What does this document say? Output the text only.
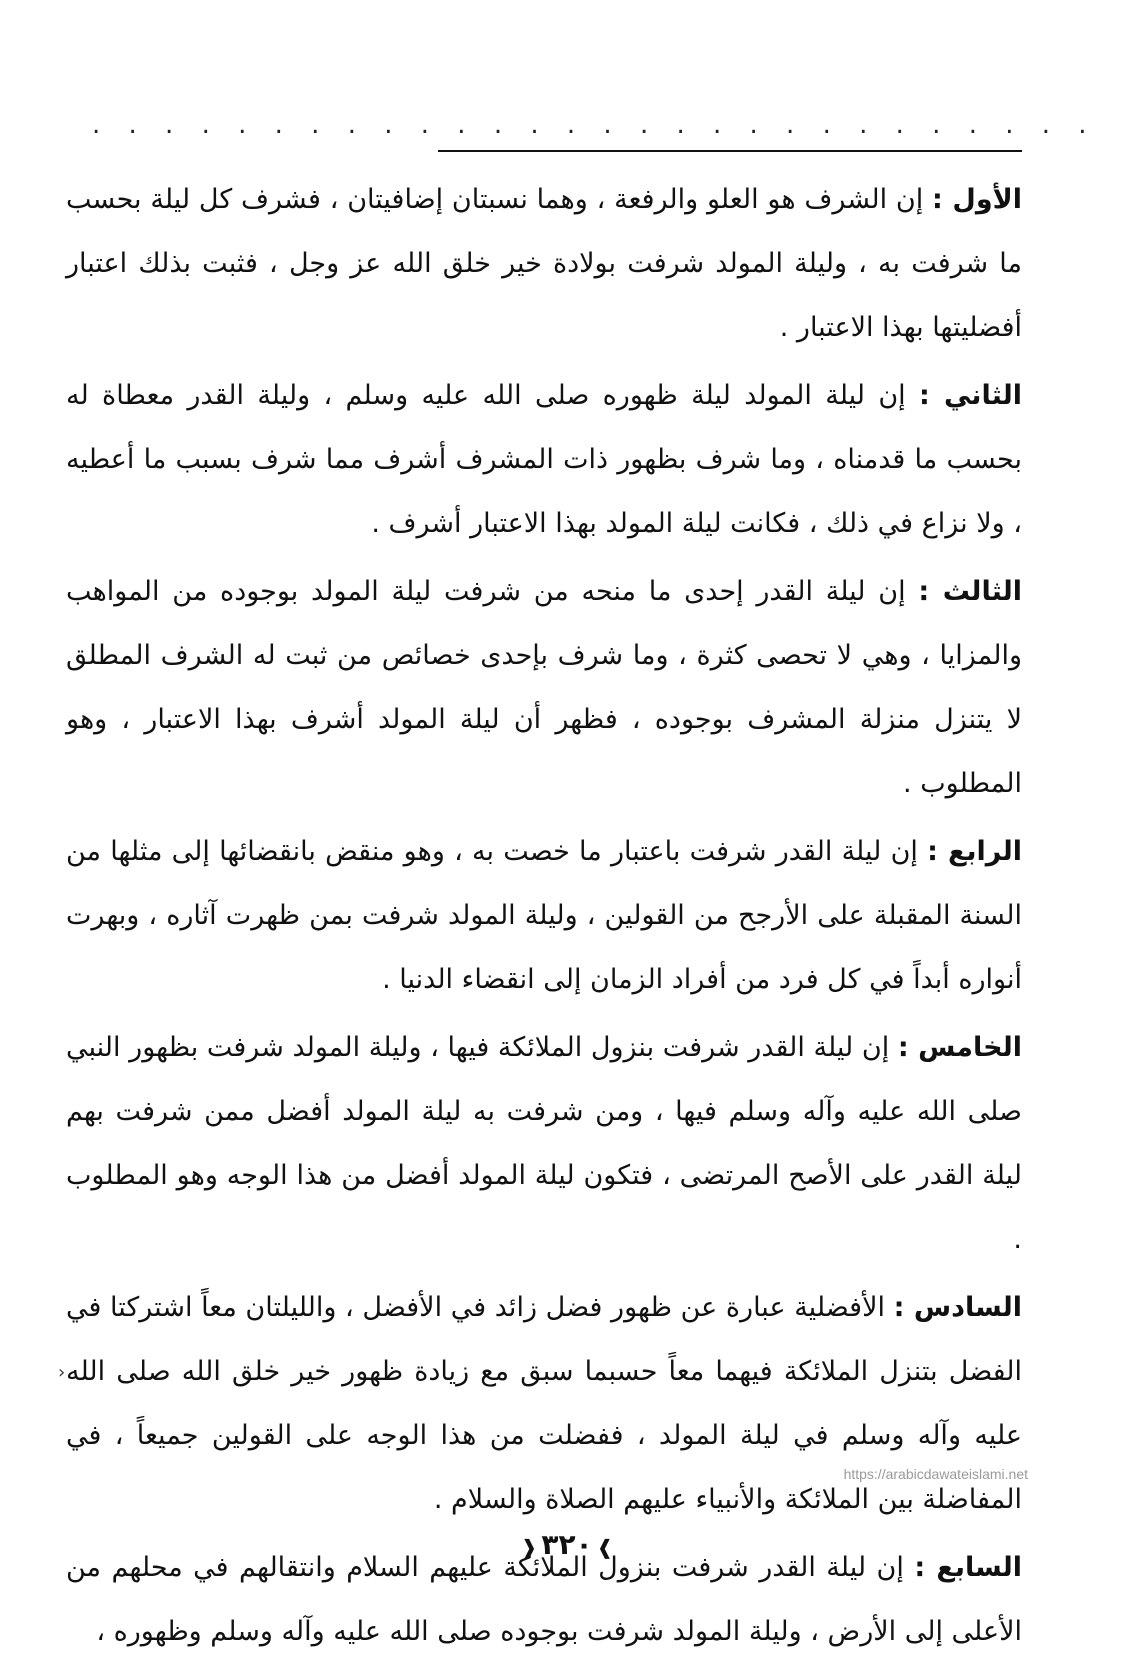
. . . . . . . . . . . . . . . . . . . . . . . . . . . .

الأول : إن الشرف هو العلو والرفعة ، وهما نسبتان إضافيتان ، فشرف كل ليلة بحسب ما شرفت به ، وليلة المولد شرفت بولادة خير خلق الله عز وجل ، فثبت بذلك اعتبار أفضليتها بهذا الاعتبار .

الثاني : إن ليلة المولد ليلة ظهوره صلى الله عليه وسلم ، وليلة القدر معطاة له بحسب ما قدمناه ، وما شرف بظهور ذات المشرف أشرف مما شرف بسبب ما أعطيه ، ولا نزاع في ذلك ، فكانت ليلة المولد بهذا الاعتبار أشرف .

الثالث : إن ليلة القدر إحدى ما منحه من شرفت ليلة المولد بوجوده من المواهب والمزايا ، وهي لا تحصى كثرة ، وما شرف بإحدى خصائص من ثبت له الشرف المطلق لا يتنزل منزلة المشرف بوجوده ، فظهر أن ليلة المولد أشرف بهذا الاعتبار ، وهو المطلوب .

الرابع : إن ليلة القدر شرفت باعتبار ما خصت به ، وهو منقض بانقضائها إلى مثلها من السنة المقبلة على الأرجح من القولين ، وليلة المولد شرفت بمن ظهرت آثاره ، وبهرت أنواره أبداً في كل فرد من أفراد الزمان إلى انقضاء الدنيا .

الخامس : إن ليلة القدر شرفت بنزول الملائكة فيها ، وليلة المولد شرفت بظهور النبي صلى الله عليه وآله وسلم فيها ، ومن شرفت به ليلة المولد أفضل ممن شرفت بهم ليلة القدر على الأصح المرتضى ، فتكون ليلة المولد أفضل من هذا الوجه وهو المطلوب .

السادس : الأفضلية عبارة عن ظهور فضل زائد في الأفضل ، والليلتان معاً اشتركتا في الفضل بتنزل الملائكة فيهما معاً حسبما سبق مع زيادة ظهور خير خلق الله صلى الله عليه وآله وسلم في ليلة المولد ، ففضلت من هذا الوجه على القولين جميعاً ، في المفاضلة بين الملائكة والأنبياء عليهم الصلاة والسلام .

السابع : إن ليلة القدر شرفت بنزول الملائكة عليهم السلام وانتقالهم في محلهم من الأعلى إلى الأرض ، وليلة المولد شرفت بوجوده صلى الله عليه وآله وسلم وظهوره ،

›
https://arabicdawateislami.net
❱٣٢٠❰
